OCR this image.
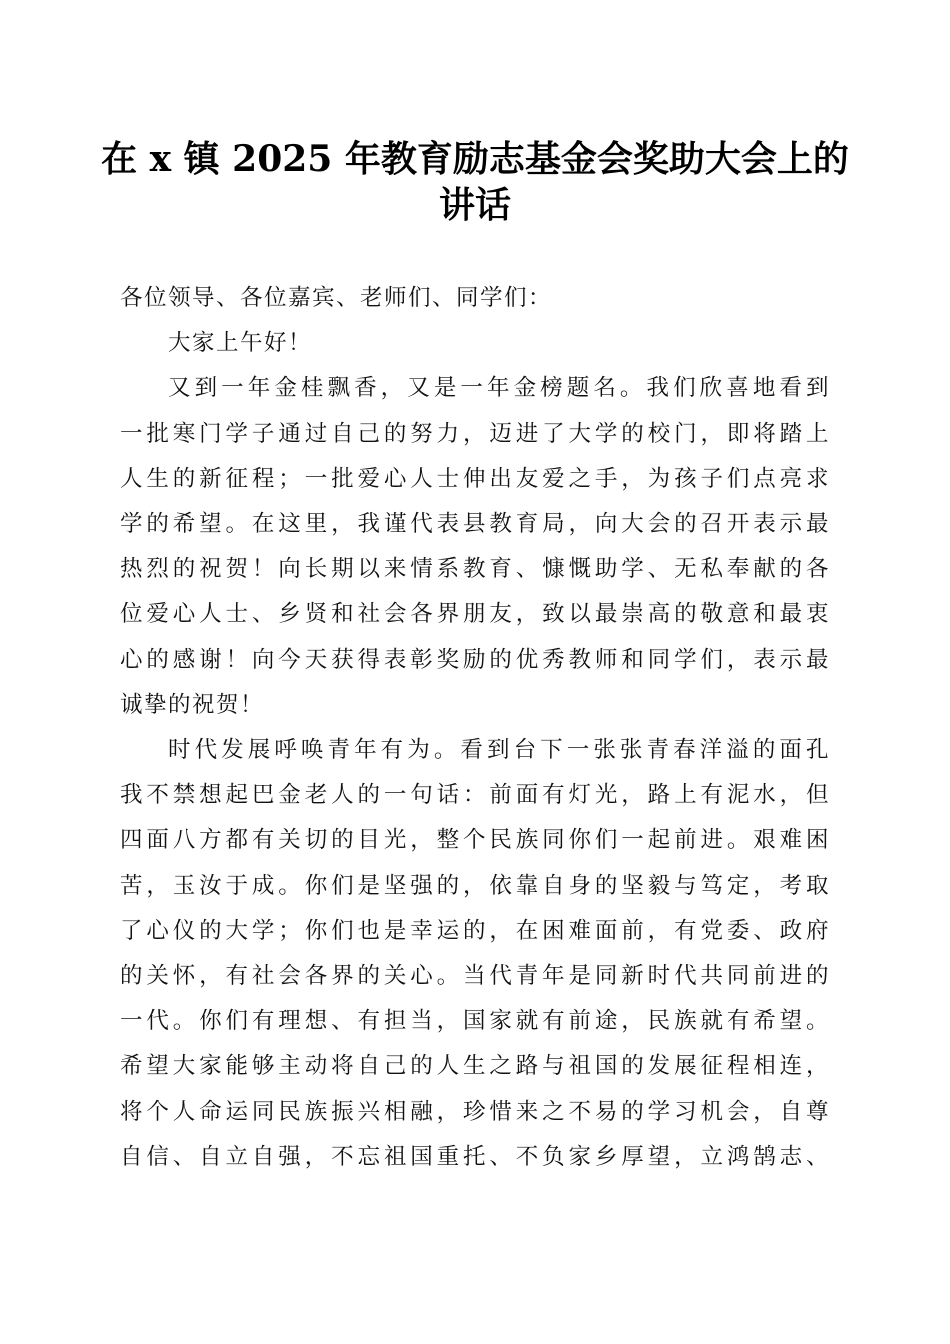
在 x 镇 2025 年教育励志基金会奖助大会上的
讲话

各位领导、各位嘉宾、老师们、同学们：

大家上午好！

又到一年金桂飘香，又是一年金榜题名。我们欣喜地看到
一批寒门学子通过自己的努力，迈进了大学的校门，即将踏上
人生的新征程；一批爱心人士伸出友爱之手，为孩子们点亮求
学的希望。在这里，我谨代表县教育局，向大会的召开表示最
热烈的祝贺！向长期以来情系教育、慷慨助学、无私奉献的各
位爱心人士、乡贤和社会各界朋友，致以最崇高的敬意和最衷
心的感谢！向今天获得表彰奖励的优秀教师和同学们，表示最
诚挚的祝贺！

时代发展呼唤青年有为。看到台下一张张青春洋溢的面孔
我不禁想起巴金老人的一句话：前面有灯光，路上有泥水，但
四面八方都有关切的目光，整个民族同你们一起前进。艰难困
苦，玉汝于成。你们是坚强的，依靠自身的坚毅与笃定，考取
了心仪的大学；你们也是幸运的，在困难面前，有党委、政府
的关怀，有社会各界的关心。当代青年是同新时代共同前进的
一代。你们有理想、有担当，国家就有前途，民族就有希望。
希望大家能够主动将自己的人生之路与祖国的发展征程相连，
将个人命运同民族振兴相融，珍惜来之不易的学习机会，自尊
自信、自立自强，不忘祖国重托、不负家乡厚望，立鸿鹄志、
